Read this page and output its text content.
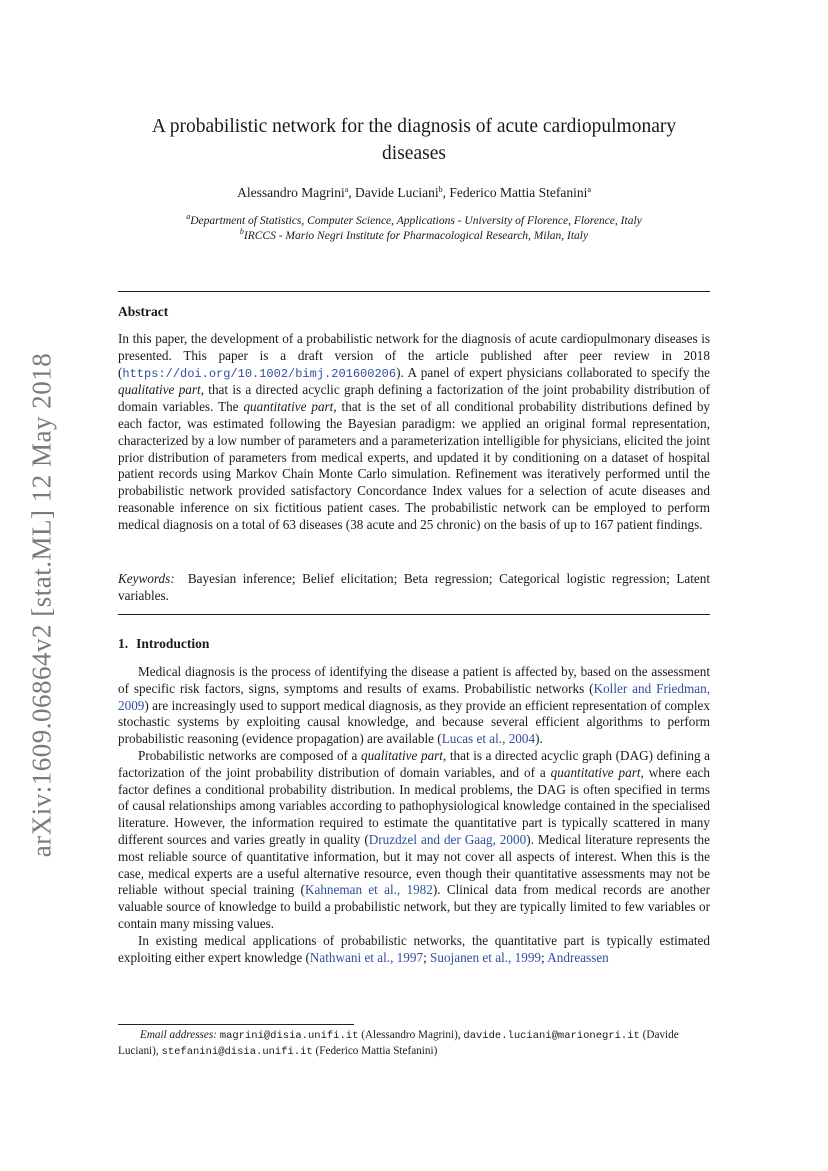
arXiv:1609.06864v2 [stat.ML] 12 May 2018
A probabilistic network for the diagnosis of acute cardiopulmonary diseases
Alessandro Magrini$^a$, Davide Luciani$^b$, Federico Mattia Stefanini$^a$
$^a$Department of Statistics, Computer Science, Applications - University of Florence, Florence, Italy
$^b$IRCCS - Mario Negri Institute for Pharmacological Research, Milan, Italy
Abstract
In this paper, the development of a probabilistic network for the diagnosis of acute cardiopulmonary diseases is presented. This paper is a draft version of the article published after peer review in 2018 (https://doi.org/10.1002/bimj.201600206). A panel of expert physicians collaborated to specify the qualitative part, that is a directed acyclic graph defining a factorization of the joint probability distribution of domain variables. The quantitative part, that is the set of all conditional probability distributions defined by each factor, was estimated following the Bayesian paradigm: we applied an original formal representation, characterized by a low number of parameters and a parameterization intelligible for physicians, elicited the joint prior distribution of parameters from medical experts, and updated it by conditioning on a dataset of hospital patient records using Markov Chain Monte Carlo simulation. Refinement was iteratively performed until the probabilistic network provided satisfactory Concordance Index values for a selection of acute diseases and reasonable inference on six fictitious patient cases. The probabilistic network can be employed to perform medical diagnosis on a total of 63 diseases (38 acute and 25 chronic) on the basis of up to 167 patient findings.
Keywords: Bayesian inference; Belief elicitation; Beta regression; Categorical logistic regression; Latent variables.
1. Introduction

Medical diagnosis is the process of identifying the disease a patient is affected by, based on the assessment of specific risk factors, signs, symptoms and results of exams. Probabilistic networks (Koller and Friedman, 2009) are increasingly used to support medical diagnosis, as they provide an efficient representation of complex stochastic systems by exploiting causal knowledge, and because several efficient algorithms to perform probabilistic reasoning (evidence propagation) are available (Lucas et al., 2004).

Probabilistic networks are composed of a qualitative part, that is a directed acyclic graph (DAG) defining a factorization of the joint probability distribution of domain variables, and of a quantitative part, where each factor defines a conditional probability distribution. In medical problems, the DAG is often specified in terms of causal relationships among variables according to pathophysiological knowledge contained in the specialised literature. However, the information required to estimate the quantitative part is typically scattered in many different sources and varies greatly in quality (Druzdzel and der Gaag, 2000). Medical literature represents the most reliable source of quantitative information, but it may not cover all aspects of interest. When this is the case, medical experts are a useful alternative resource, even though their quantitative assessments may not be reliable without special training (Kahneman et al., 1982). Clinical data from medical records are another valuable source of knowledge to build a probabilistic network, but they are typically limited to few variables or contain many missing values.

In existing medical applications of probabilistic networks, the quantitative part is typically estimated exploiting either expert knowledge (Nathwani et al., 1997; Suojanen et al., 1999; Andreassen

Email addresses: magrini@disia.unifi.it (Alessandro Magrini), davide.luciani@marionegri.it (Davide Luciani), stefanini@disia.unifi.it (Federico Mattia Stefanini)
